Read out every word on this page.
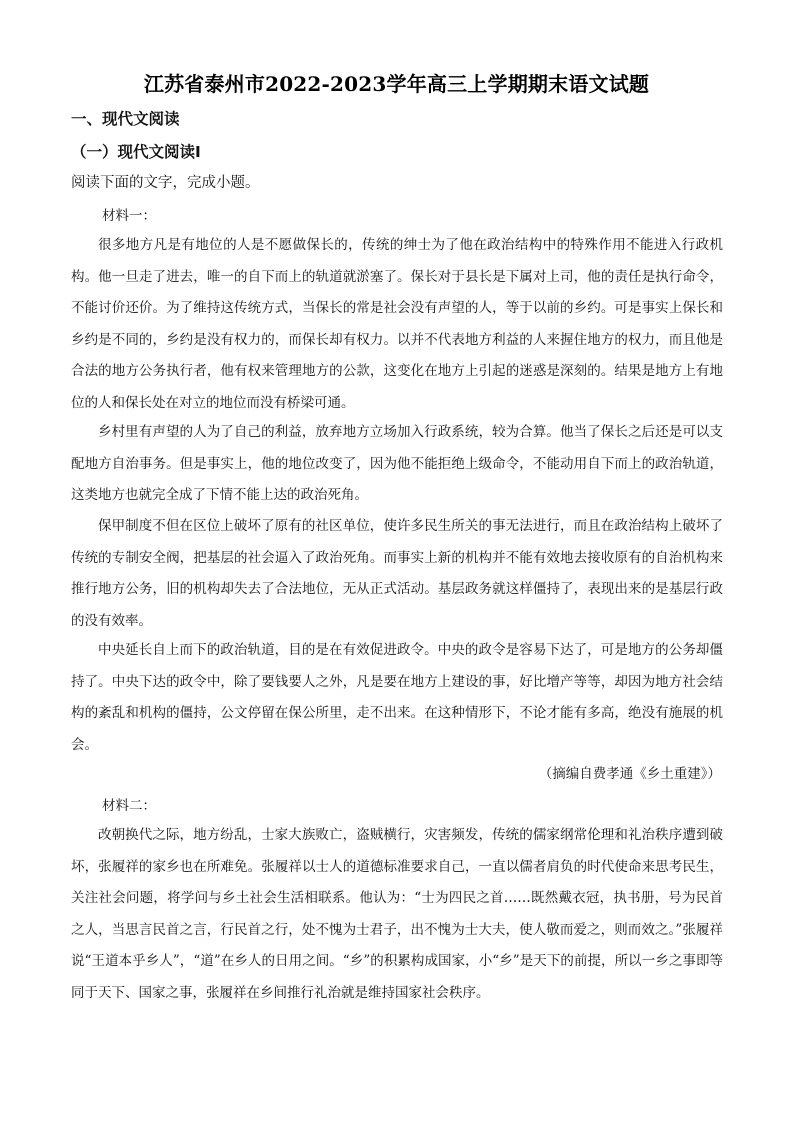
江苏省泰州市2022-2023学年高三上学期期末语文试题
一、现代文阅读
（一）现代文阅读Ⅰ
阅读下面的文字，完成小题。
材料一：

很多地方凡是有地位的人是不愿做保长的，传统的绅士为了他在政治结构中的特殊作用不能进入行政机构。他一旦走了进去，唯一的自下而上的轨道就淤塞了。保长对于县长是下属对上司，他的责任是执行命令，不能讨价还价。为了维持这传统方式，当保长的常是社会没有声望的人，等于以前的乡约。可是事实上保长和乡约是不同的，乡约是没有权力的，而保长却有权力。以并不代表地方利益的人来握住地方的权力，而且他是合法的地方公务执行者，他有权来管理地方的公款，这变化在地方上引起的迷惑是深刻的。结果是地方上有地位的人和保长处在对立的地位而没有桥梁可通。

乡村里有声望的人为了自己的利益，放弃地方立场加入行政系统，较为合算。他当了保长之后还是可以支配地方自治事务。但是事实上，他的地位改变了，因为他不能拒绝上级命令，不能动用自下而上的政治轨道，这类地方也就完全成了下情不能上达的政治死角。

保甲制度不但在区位上破坏了原有的社区单位，使许多民生所关的事无法进行，而且在政治结构上破坏了传统的专制安全阀，把基层的社会逼入了政治死角。而事实上新的机构并不能有效地去接收原有的自治机构来推行地方公务，旧的机构却失去了合法地位，无从正式活动。基层政务就这样僵持了，表现出来的是基层行政的没有效率。

中央延长自上而下的政治轨道，目的是在有效促进政令。中央的政令是容易下达了，可是地方的公务却僵持了。中央下达的政令中，除了要钱要人之外，凡是要在地方上建设的事，好比增产等等，却因为地方社会结构的紊乱和机构的僵持，公文停留在保公所里，走不出来。在这种情形下，不论才能有多高，绝没有施展的机会。

（摘编自费孝通《乡土重建》）
材料二：

改朝换代之际，地方纷乱，士家大族败亡，盗贼横行，灾害频发，传统的儒家纲常伦理和礼治秩序遭到破坏，张履祥的家乡也在所难免。张履祥以士人的道德标准要求自己，一直以儒者肩负的时代使命来思考民生，关注社会问题，将学问与乡土社会生活相联系。他认为：“士为四民之首……既然戴衣冠，执书册，号为民首之人，当思言民首之言，行民首之行，处不愧为士君子，出不愧为士大夫，使人敬而爱之，则而效之。”张履祥说“王道本乎乡人”，“道”在乡人的日用之间。“乡”的积累构成国家，小“乡”是天下的前提，所以一乡之事即等同于天下、国家之事，张履祥在乡间推行礼治就是维持国家社会秩序。
